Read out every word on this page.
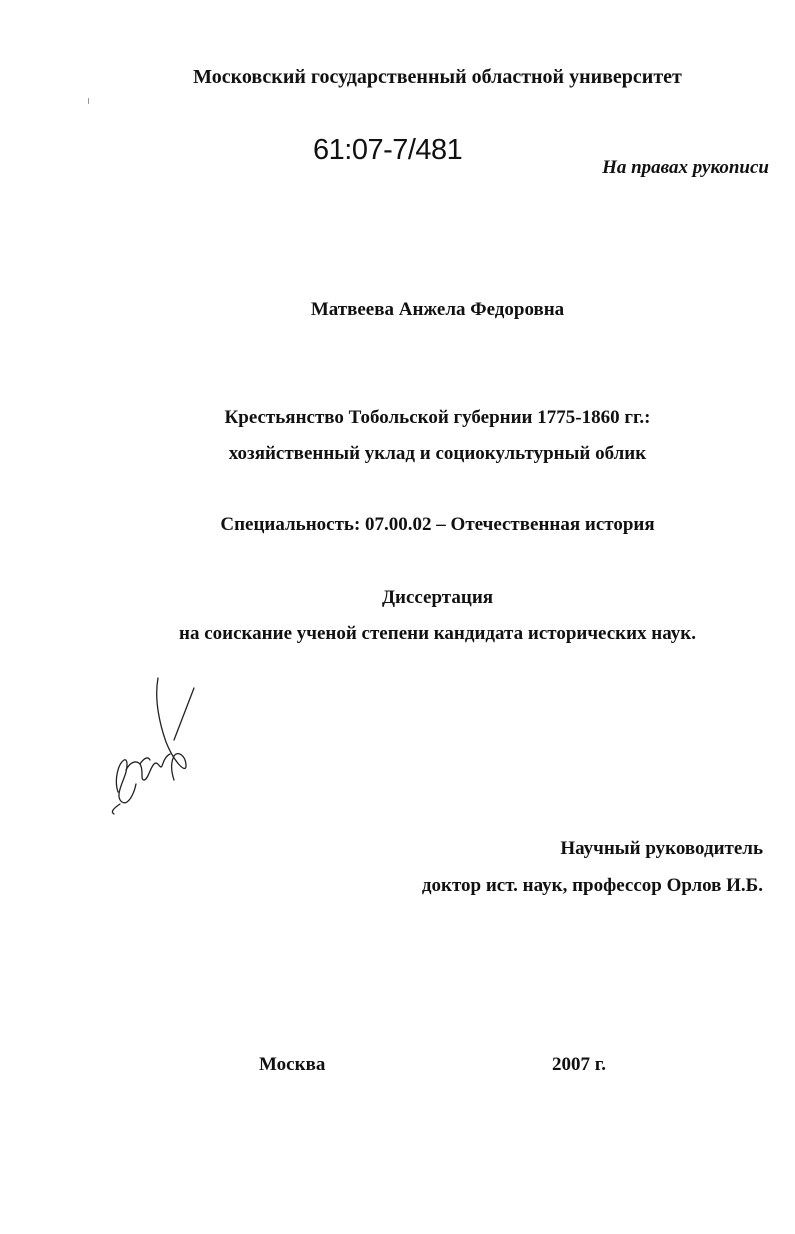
Московский государственный областной университет
61:07-7/481
На правах рукописи
Матвеева Анжела Федоровна
Крестьянство Тобольской губернии 1775-1860 гг.:
хозяйственный уклад и социокультурный облик
Специальность: 07.00.02 – Отечественная история
Диссертация
на соискание ученой степени кандидата исторических наук.
Научный руководитель
доктор ист. наук, профессор Орлов И.Б.
Москва	2007 г.
